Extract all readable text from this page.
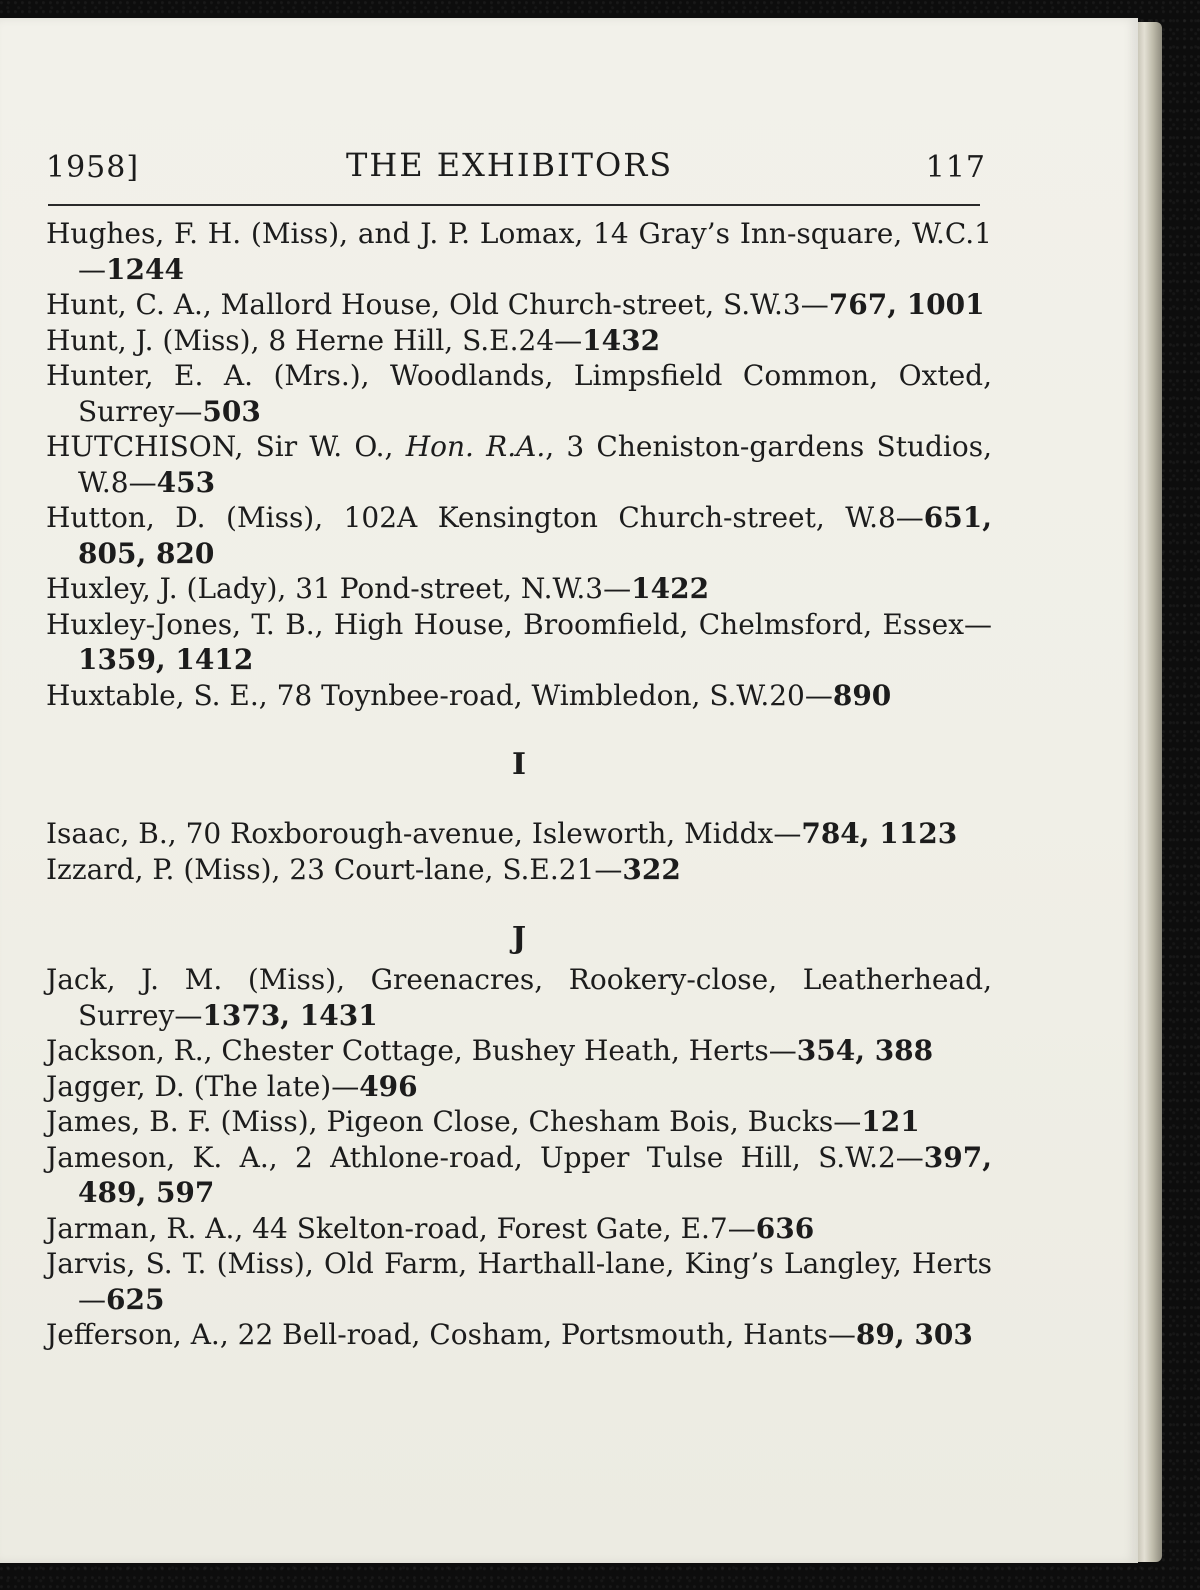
1958]	THE EXHIBITORS	117

Hughes, F. H. (Miss), and J. P. Lomax, 14 Gray’s Inn-square, W.C.1—1244

Hunt, C. A., Mallord House, Old Church-street, S.W.3—767, 1001

Hunt, J. (Miss), 8 Herne Hill, S.E.24—1432

Hunter, E. A. (Mrs.), Woodlands, Limpsfield Common, Oxted, Surrey—503

HUTCHISON, Sir W. O., Hon. R.A., 3 Cheniston-gardens Studios, W.8—453

Hutton, D. (Miss), 102A Kensington Church-street, W.8—651, 805, 820

Huxley, J. (Lady), 31 Pond-street, N.W.3—1422

Huxley-Jones, T. B., High House, Broomfield, Chelmsford, Essex—1359, 1412

Huxtable, S. E., 78 Toynbee-road, Wimbledon, S.W.20—890

I

Isaac, B., 70 Roxborough-avenue, Isleworth, Middx—784, 1123

Izzard, P. (Miss), 23 Court-lane, S.E.21—322

J

Jack, J. M. (Miss), Greenacres, Rookery-close, Leatherhead, Surrey—1373, 1431

Jackson, R., Chester Cottage, Bushey Heath, Herts—354, 388

Jagger, D. (The late)—496

James, B. F. (Miss), Pigeon Close, Chesham Bois, Bucks—121

Jameson, K. A., 2 Athlone-road, Upper Tulse Hill, S.W.2—397, 489, 597

Jarman, R. A., 44 Skelton-road, Forest Gate, E.7—636

Jarvis, S. T. (Miss), Old Farm, Harthall-lane, King’s Langley, Herts—625

Jefferson, A., 22 Bell-road, Cosham, Portsmouth, Hants—89, 303
